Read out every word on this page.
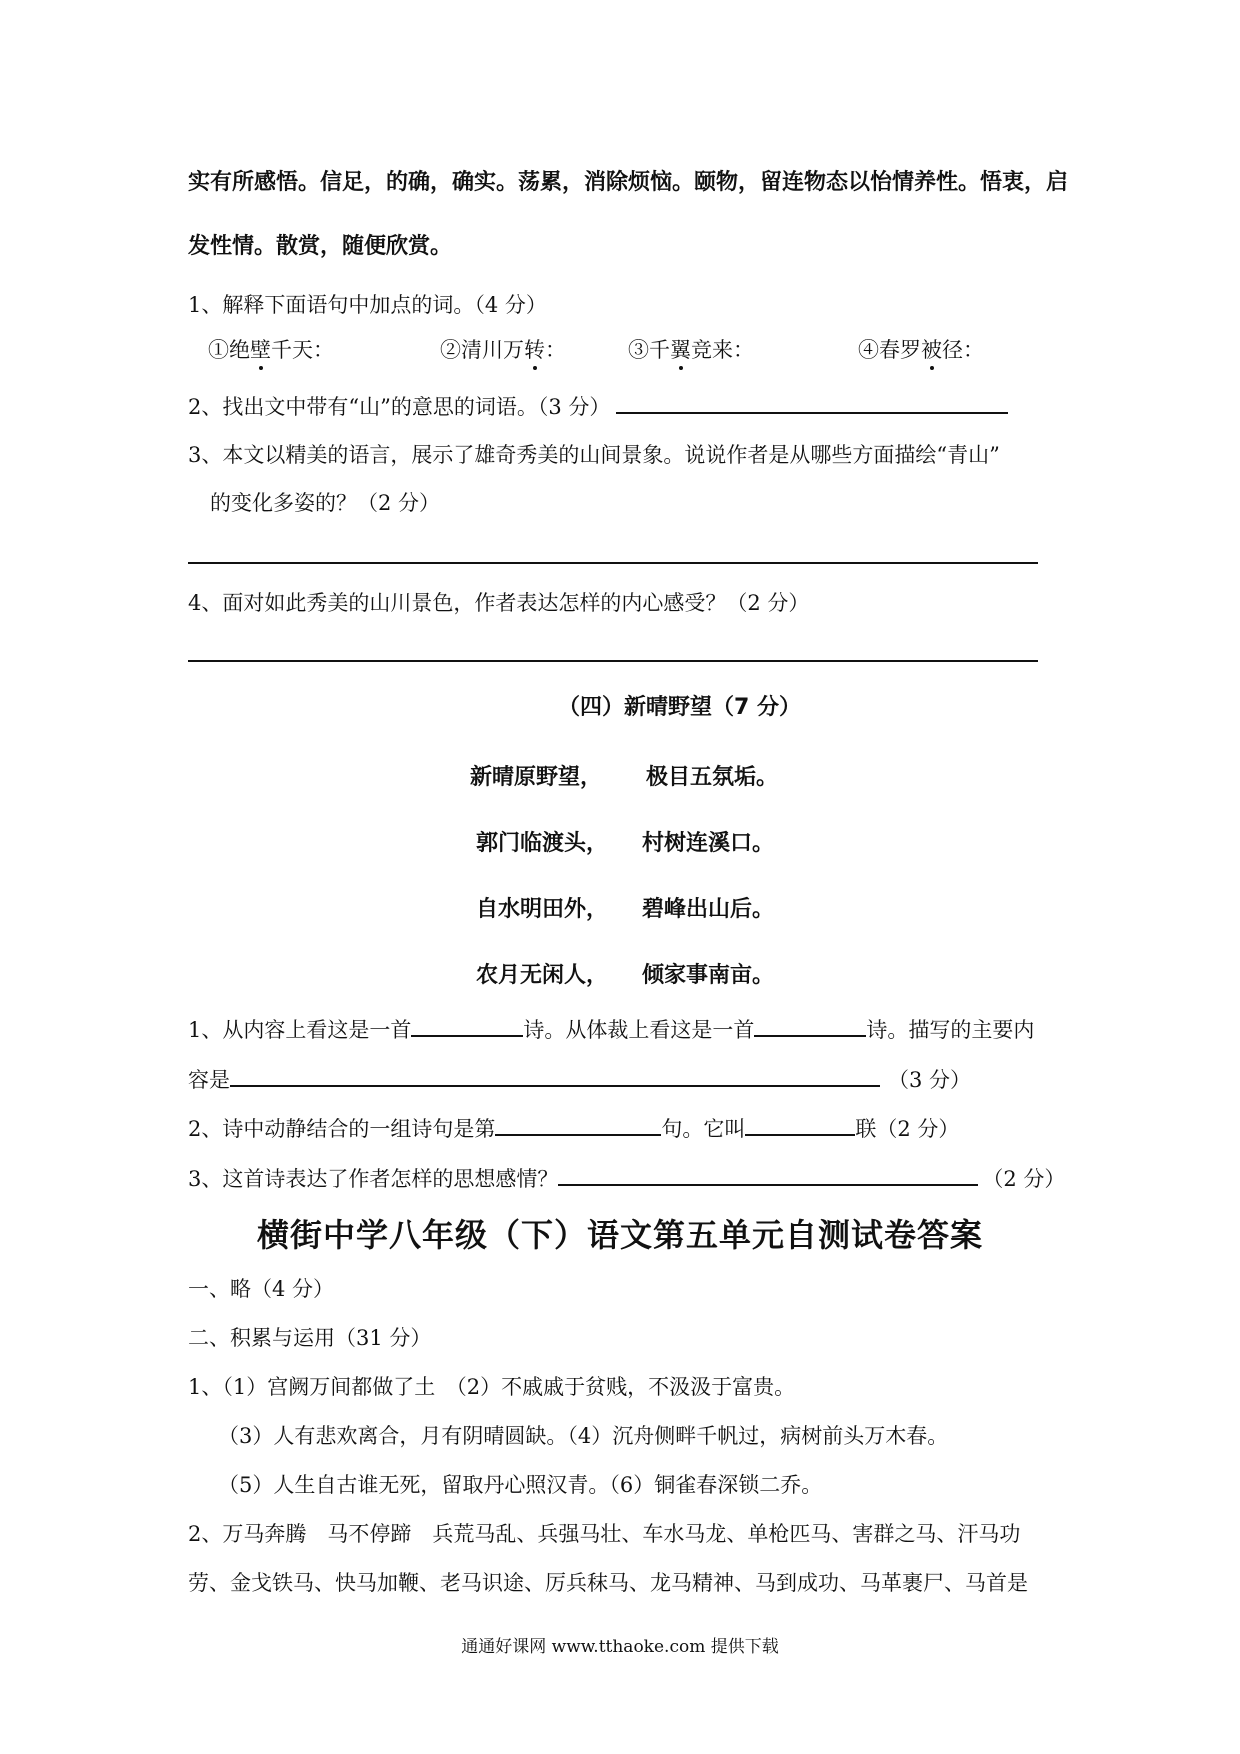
实有所感悟。信足，的确，确实。荡累，消除烦恼。颐物，留连物态以怡情养性。悟衷，启
发性情。散赏，随便欣赏。
1、解释下面语句中加点的词。（4 分）
①绝壁千天：	②清川万转：	③千翼竞来：	④春罗被径：
2、找出文中带有“山”的意思的词语。（3 分）
3、本文以精美的语言，展示了雄奇秀美的山间景象。说说作者是从哪些方面描绘“青山”
的变化多姿的？（2 分）
4、面对如此秀美的山川景色，作者表达怎样的内心感受？（2 分）
（四）新晴野望（7 分）
新晴原野望， 极目五氛垢。
郭门临渡头， 村树连溪口。
自水明田外， 碧峰出山后。
农月无闲人， 倾家事南亩。
1、从内容上看这是一首	诗。从体裁上看这是一首	诗。描写的主要内
容是	（3 分）
2、诗中动静结合的一组诗句是第	句。它叫	联（2 分）
3、这首诗表达了作者怎样的思想感情？	（2 分）
横街中学八年级（下）语文第五单元自测试卷答案
一、略（4 分）
二、积累与运用（31 分）
1、（1）宫阙万间都做了土　（2）不戚戚于贫贱，不汲汲于富贵。
（3）人有悲欢离合，月有阴晴圆缺。（4）沉舟侧畔千帆过，病树前头万木春。
（5）人生自古谁无死，留取丹心照汉青。（6）铜雀春深锁二乔。
2、万马奔腾　马不停蹄　兵荒马乱、兵强马壮、车水马龙、单枪匹马、害群之马、汗马功
劳、金戈铁马、快马加鞭、老马识途、厉兵秣马、龙马精神、马到成功、马革裹尸、马首是
通通好课网 www.tthaoke.com 提供下载
